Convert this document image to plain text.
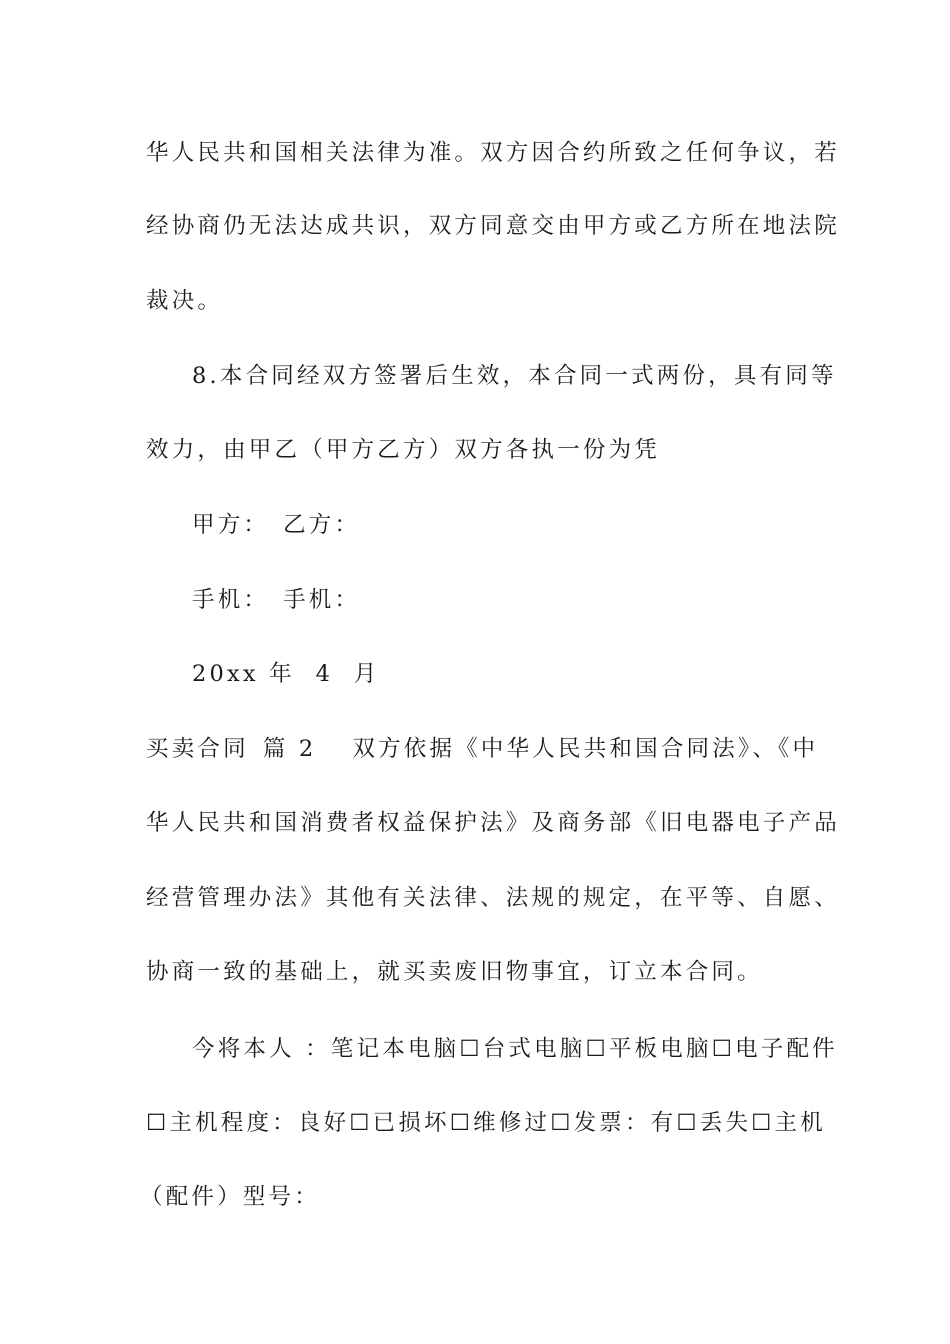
华人民共和国相关法律为准。双方因合约所致之任何争议，若
经协商仍无法达成共识，双方同意交由甲方或乙方所在地法院
裁决。
8.本合同经双方签署后生效，本合同一式两份，具有同等
效力，由甲乙（甲方乙方）双方各执一份为凭
甲方： 乙方：
手机： 手机：
20xx 年  4  月
买卖合同 篇 2 双方依据《中华人民共和国合同法》、《中
华人民共和国消费者权益保护法》及商务部《旧电器电子产品
经营管理办法》其他有关法律、法规的规定，在平等、自愿、
协商一致的基础上，就买卖废旧物事宜，订立本合同。
今将本人 ：笔记本电脑☐台式电脑☐平板电脑☐电子配件
☐主机程度：良好☐已损坏☐维修过☐发票：有☐丢失☐主机
（配件）型号：
